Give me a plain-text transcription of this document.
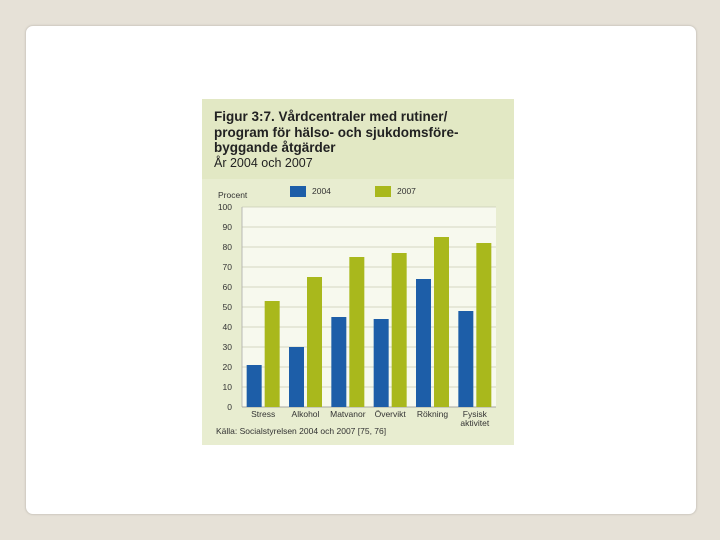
Figur 3:7. Vårdcentraler med rutiner/ program för hälso- och sjukdomsföre-byggande åtgärder

År 2004 och 2007

Procent	2004	2007
0
10
20
30
40
50
60
70
80
90
100
Stress Alkohol Matvanor Övervikt Rökning Fysisk
aktivitet
Källa: Socialstyrelsen 2004 och 2007 [75, 76]
